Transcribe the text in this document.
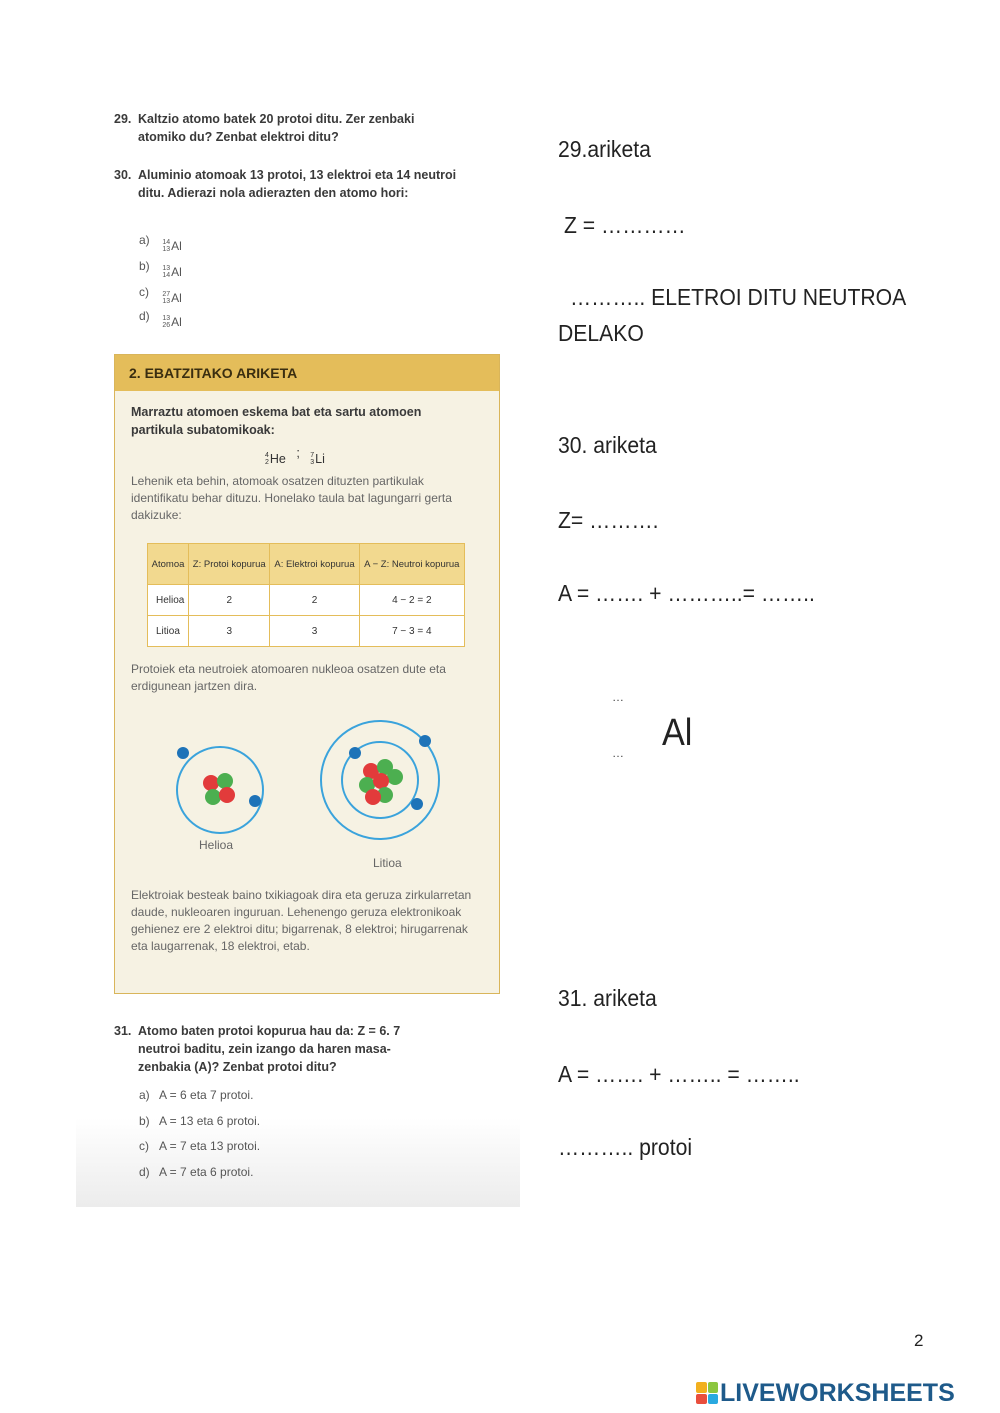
29. Kaltzio atomo batek 20 protoi ditu. Zer zenbaki atomiko du? Zenbat elektroi ditu?
30. Aluminio atomoak 13 protoi, 13 elektroi eta 14 neutroi ditu. Adierazi nola adierazten den atomo hori:
a) 14
13 Al
b) 13
14 Al
c) 27
13 Al
d) 13
26 Al
2. EBATZITAKO ARIKETA
Marraztu atomoen eskema bat eta sartu atomoen partikula subatomikoak:
4
2 He ; 7
3 Li
Lehenik eta behin, atomoak osatzen dituzten partikulak identifikatu behar dituzu. Honelako taula bat lagungarri gerta dakizuke:
Atomoa	Z: Protoi kopurua	A: Elektroi kopurua	A − Z: Neutroi kopurua
Helioa	2	2	4 − 2 = 2
Litioa	3	3	7 − 3 = 4
Protoiek eta neutroiek atomoaren nukleoa osatzen dute eta erdigunean jartzen dira.
Helioa
Litioa
Elektroiak besteak baino txikiagoak dira eta geruza zirkularretan daude, nukleoaren inguruan. Lehenengo geruza elektronikoak gehienez ere 2 elektroi ditu; bigarrenak, 8 elektroi; hirugarrenak eta laugarrenak, 18 elektroi, etab.
31. Atomo baten protoi kopurua hau da: Z = 6. 7 neutroi baditu, zein izango da haren masa-zenbakia (A)? Zenbat protoi ditu?
a) A = 6 eta 7 protoi.
b) A = 13 eta 6 protoi.
c) A = 7 eta 13 protoi.
d) A = 7 eta 6 protoi.
29.ariketa
Z = …………
……….. ELETROI DITU NEUTROA
DELAKO
30. ariketa
Z= ……….
A = ……. + ………..= ……..
…
… Al
31. ariketa
A = ……. + …….. = ……..
……….. protoi
2
LIVEWORKSHEETS
